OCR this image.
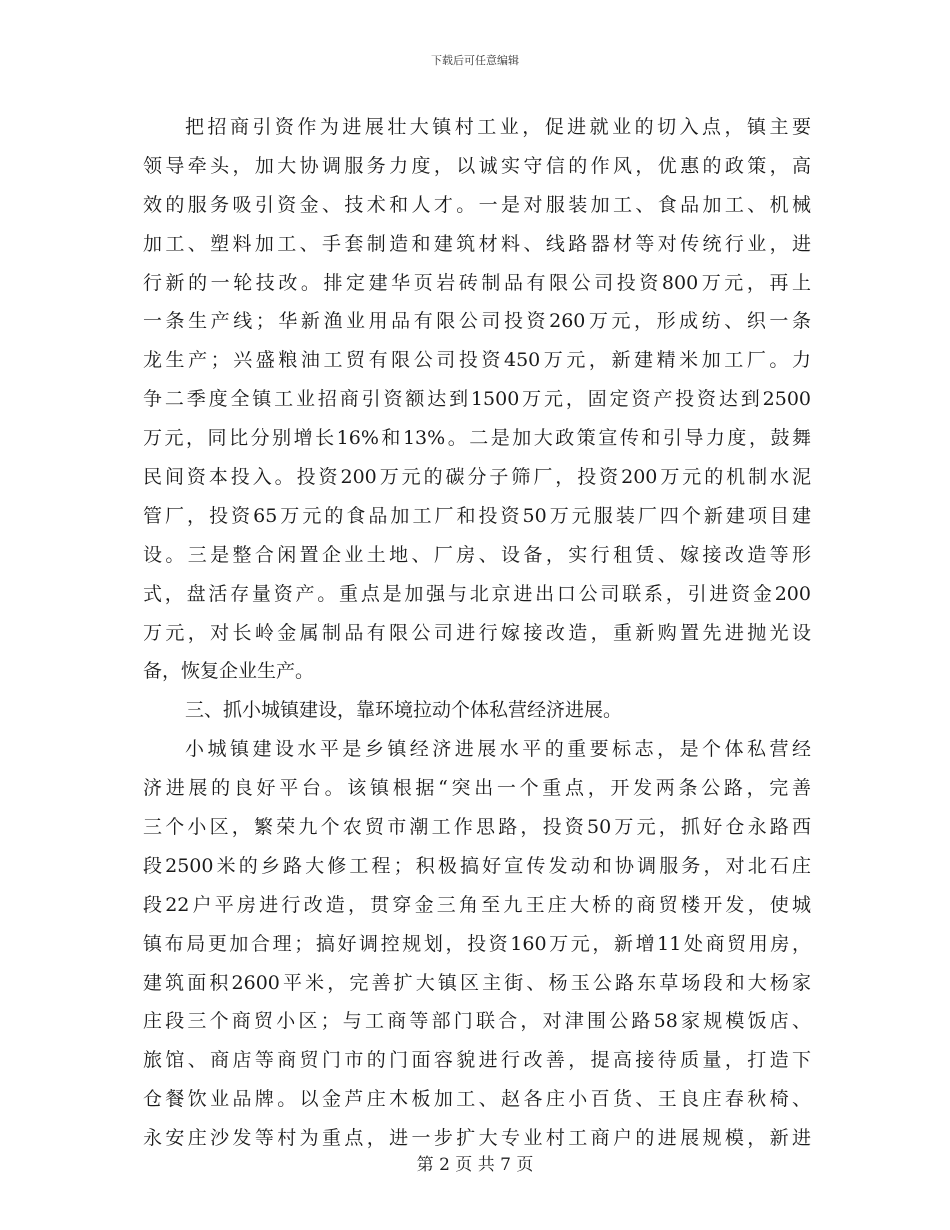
下载后可任意编辑
把招商引资作为进展壮大镇村工业，促进就业的切入点，镇主要
领导牵头，加大协调服务力度，以诚实守信的作风，优惠的政策，高
效的服务吸引资金、技术和人才。一是对服装加工、食品加工、机械
加工、塑料加工、手套制造和建筑材料、线路器材等对传统行业，进
行新的一轮技改。排定建华页岩砖制品有限公司投资800万元，再上
一条生产线；华新渔业用品有限公司投资260万元，形成纺、织一条
龙生产；兴盛粮油工贸有限公司投资450万元，新建精米加工厂。力
争二季度全镇工业招商引资额达到1500万元，固定资产投资达到2500
万元，同比分别增长16%和13%。二是加大政策宣传和引导力度，鼓舞
民间资本投入。投资200万元的碳分子筛厂，投资200万元的机制水泥
管厂，投资65万元的食品加工厂和投资50万元服装厂四个新建项目建
设。三是整合闲置企业土地、厂房、设备，实行租赁、嫁接改造等形
式，盘活存量资产。重点是加强与北京进出口公司联系，引进资金200
万元，对长岭金属制品有限公司进行嫁接改造，重新购置先进抛光设
备，恢复企业生产。
三、抓小城镇建设，靠环境拉动个体私营经济进展。
小城镇建设水平是乡镇经济进展水平的重要标志，是个体私营经
济进展的良好平台。该镇根据“突出一个重点，开发两条公路，完善
三个小区，繁荣九个农贸市潮工作思路，投资50万元，抓好仓永路西
段2500米的乡路大修工程；积极搞好宣传发动和协调服务，对北石庄
段22户平房进行改造，贯穿金三角至九王庄大桥的商贸楼开发，使城
镇布局更加合理；搞好调控规划，投资160万元，新增11处商贸用房，
建筑面积2600平米，完善扩大镇区主街、杨玉公路东草场段和大杨家
庄段三个商贸小区；与工商等部门联合，对津围公路58家规模饭店、
旅馆、商店等商贸门市的门面容貌进行改善，提高接待质量，打造下
仓餐饮业品牌。以金芦庄木板加工、赵各庄小百货、王良庄春秋椅、
永安庄沙发等村为重点，进一步扩大专业村工商户的进展规模，新进
第 2 页 共 7 页
